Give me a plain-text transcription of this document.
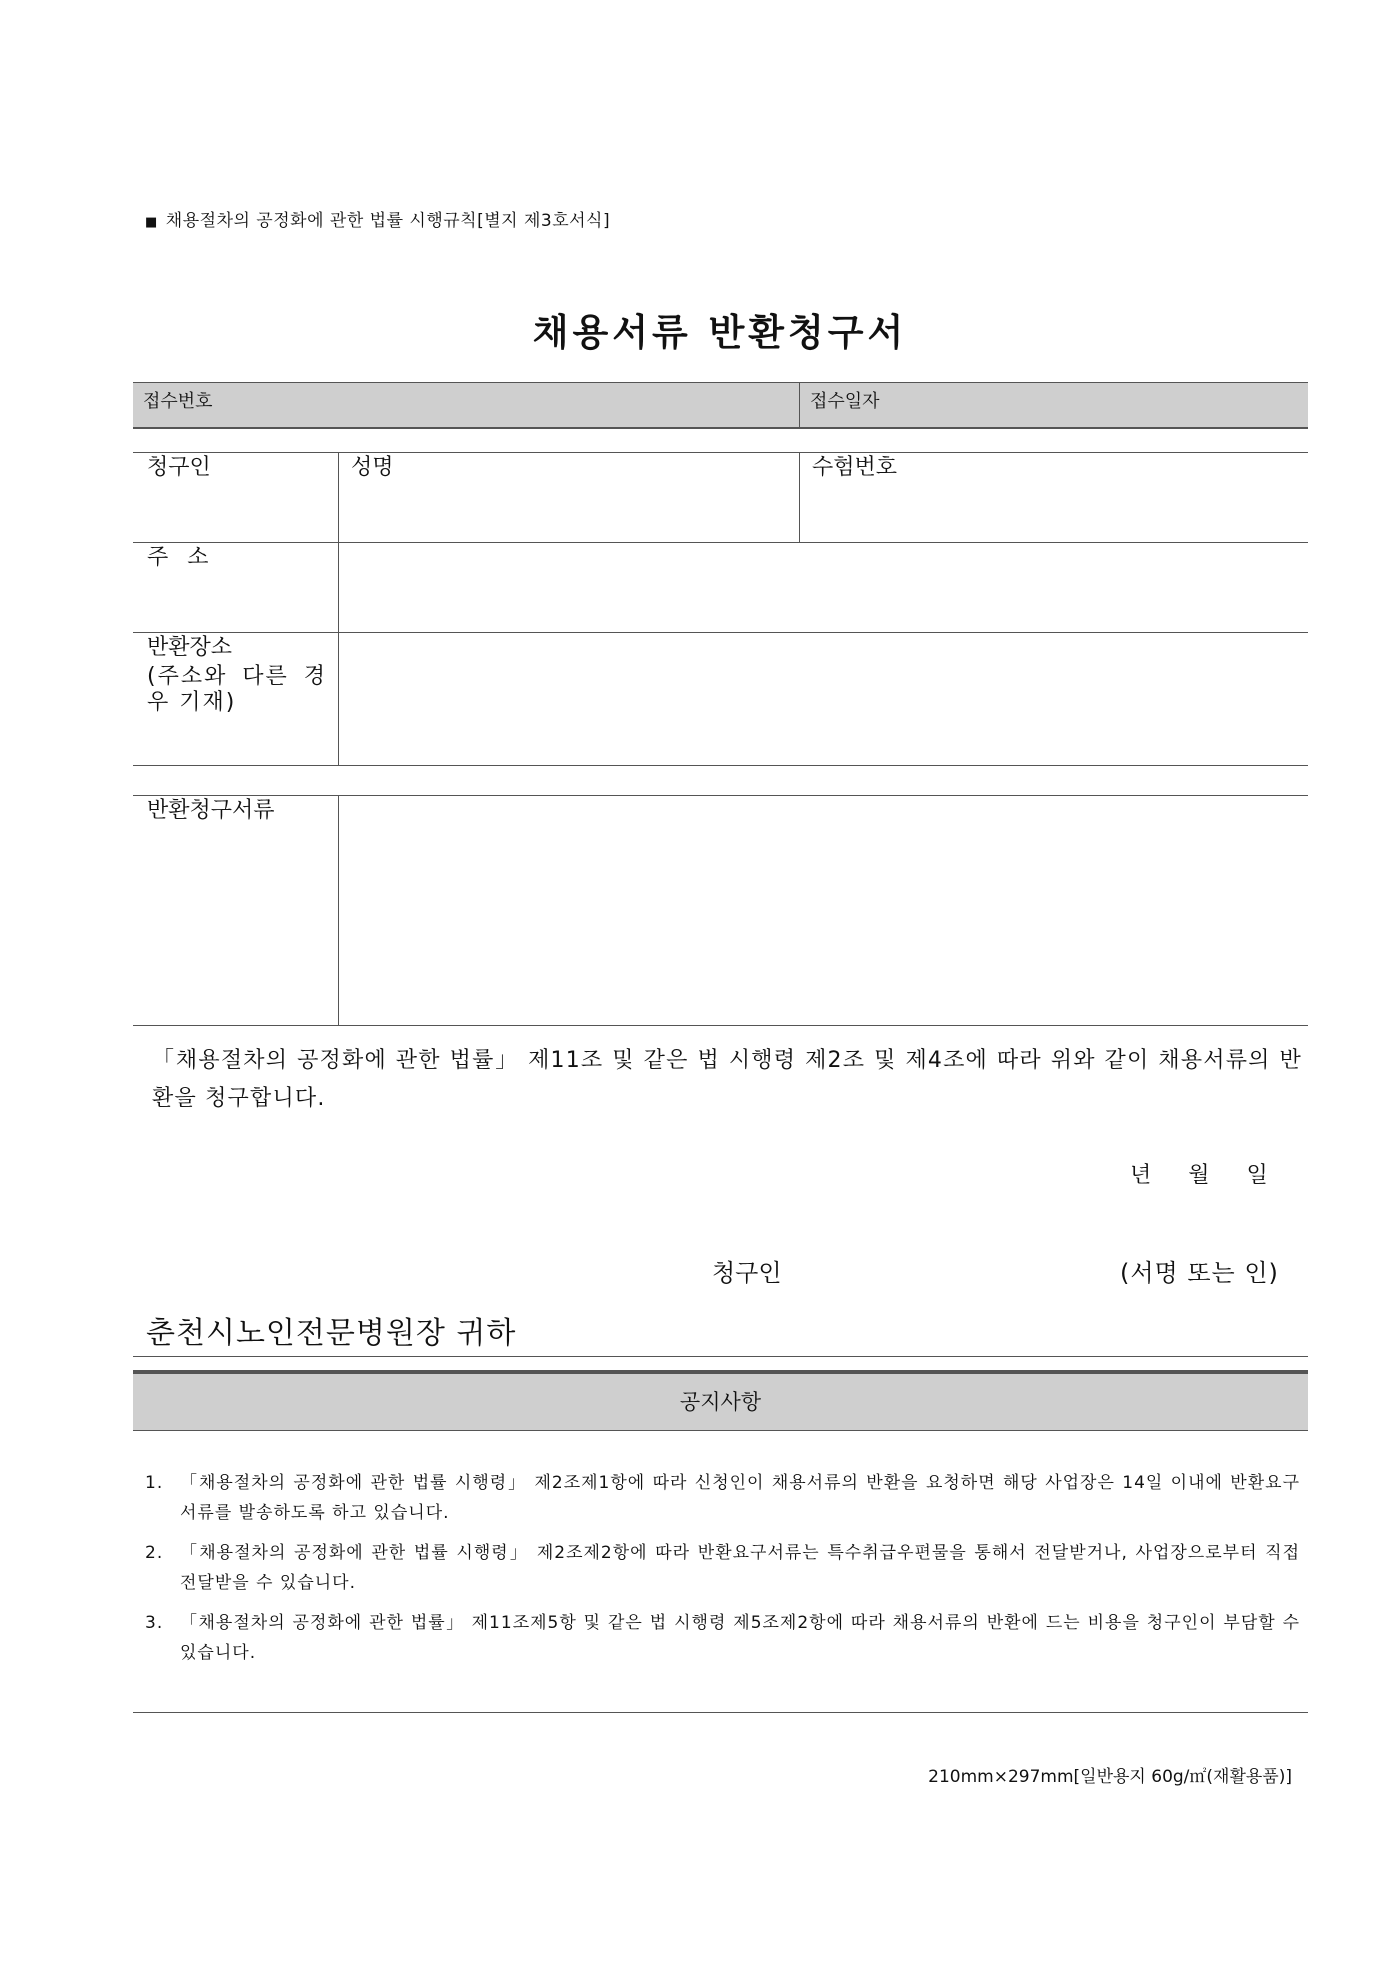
■ 채용절차의 공정화에 관한 법률 시행규칙[별지 제3호서식]
채용서류 반환청구서
접수번호	접수일자
청구인	성명	수험번호
주 소
반환장소
(주소와 다른 경우 기재)
반환청구서류
「채용절차의 공정화에 관한 법률」 제11조 및 같은 법 시행령 제2조 및 제4조에 따라 위와 같이 채용서류의 반환을 청구합니다.
년 월 일
청구인	(서명 또는 인)
춘천시노인전문병원장 귀하
공지사항
1. 「채용절차의 공정화에 관한 법률 시행령」 제2조제1항에 따라 신청인이 채용서류의 반환을 요청하면 해당 사업장은 14일 이내에 반환요구서류를 발송하도록 하고 있습니다.
2. 「채용절차의 공정화에 관한 법률 시행령」 제2조제2항에 따라 반환요구서류는 특수취급우편물을 통해서 전달받거나, 사업장으로부터 직접 전달받을 수 있습니다.
3. 「채용절차의 공정화에 관한 법률」 제11조제5항 및 같은 법 시행령 제5조제2항에 따라 채용서류의 반환에 드는 비용을 청구인이 부담할 수 있습니다.
210mm×297mm[일반용지 60g/㎡(재활용품)]
